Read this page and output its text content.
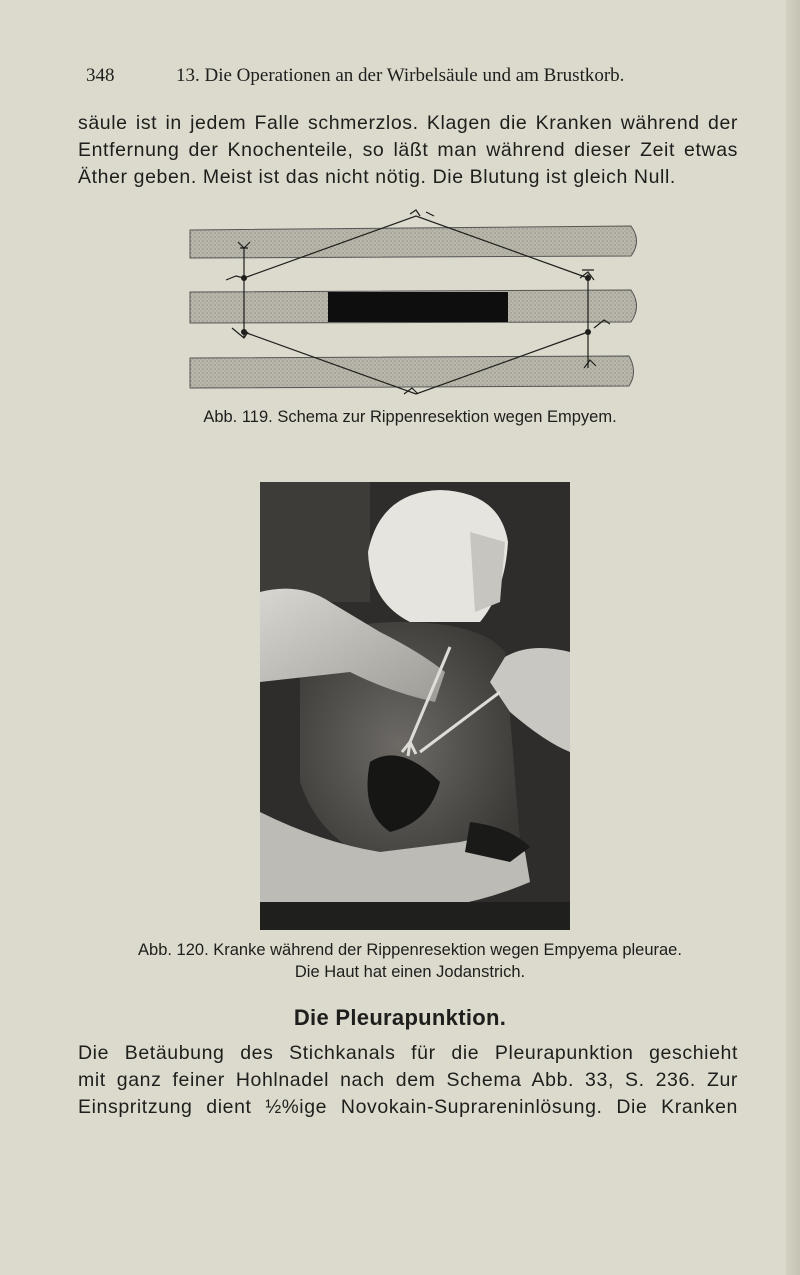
348	13. Die Operationen an der Wirbelsäule und am Brustkorb.
säule ist in jedem Falle schmerzlos. Klagen die Kranken während der
Entfernung der Knochenteile, so läßt man während dieser Zeit etwas
Äther geben. Meist ist das nicht nötig. Die Blutung ist gleich Null.
Abb. 119. Schema zur Rippenresektion wegen Empyem.
Abb. 120. Kranke während der Rippenresektion wegen Empyema pleurae.
Die Haut hat einen Jodanstrich.
Die Pleurapunktion.
Die Betäubung des Stichkanals für die Pleurapunktion geschieht
mit ganz feiner Hohlnadel nach dem Schema Abb. 33, S. 236. Zur
Einspritzung dient ½%ige Novokain-Suprareninlösung. Die Kranken
